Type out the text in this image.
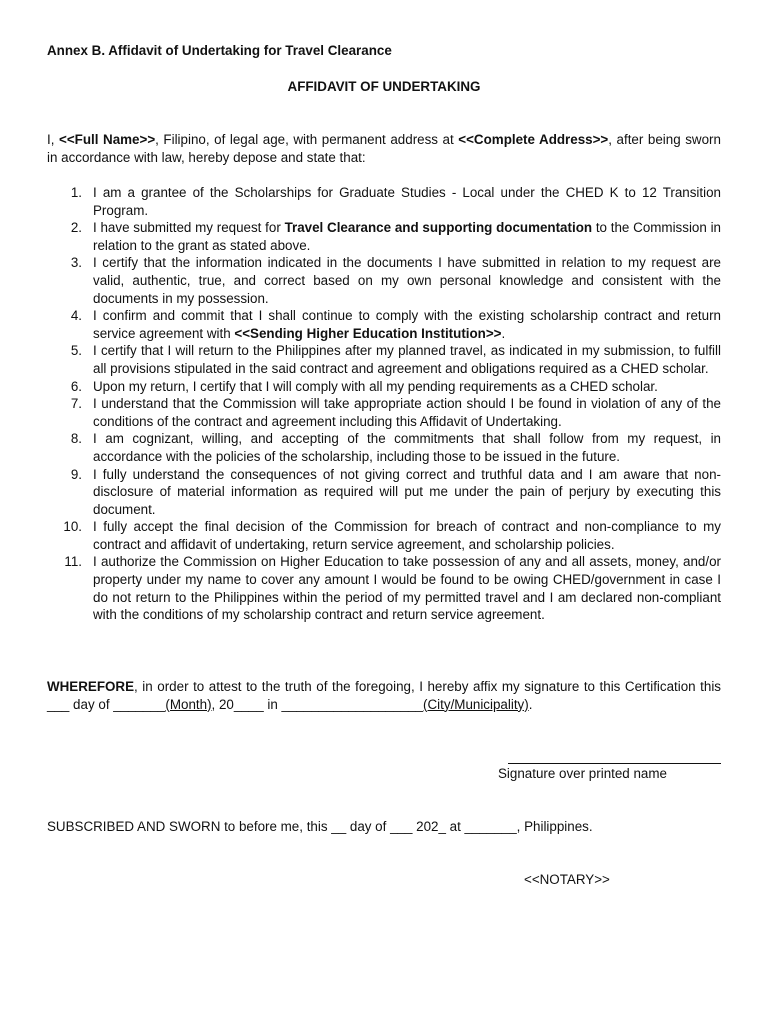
Annex B. Affidavit of Undertaking for Travel Clearance
AFFIDAVIT OF UNDERTAKING

I, <<Full Name>>, Filipino, of legal age, with permanent address at <<Complete Address>>, after being sworn in accordance with law, hereby depose and state that:

1. I am a grantee of the Scholarships for Graduate Studies - Local under the CHED K to 12 Transition Program.
2. I have submitted my request for Travel Clearance and supporting documentation to the Commission in relation to the grant as stated above.
3. I certify that the information indicated in the documents I have submitted in relation to my request are valid, authentic, true, and correct based on my own personal knowledge and consistent with the documents in my possession.
4. I confirm and commit that I shall continue to comply with the existing scholarship contract and return service agreement with <<Sending Higher Education Institution>>.
5. I certify that I will return to the Philippines after my planned travel, as indicated in my submission, to fulfill all provisions stipulated in the said contract and agreement and obligations required as a CHED scholar.
6. Upon my return, I certify that I will comply with all my pending requirements as a CHED scholar.
7. I understand that the Commission will take appropriate action should I be found in violation of any of the conditions of the contract and agreement including this Affidavit of Undertaking.
8. I am cognizant, willing, and accepting of the commitments that shall follow from my request, in accordance with the policies of the scholarship, including those to be issued in the future.
9. I fully understand the consequences of not giving correct and truthful data and I am aware that non-disclosure of material information as required will put me under the pain of perjury by executing this document.
10. I fully accept the final decision of the Commission for breach of contract and non-compliance to my contract and affidavit of undertaking, return service agreement, and scholarship policies.
11. I authorize the Commission on Higher Education to take possession of any and all assets, money, and/or property under my name to cover any amount I would be found to be owing CHED/government in case I do not return to the Philippines within the period of my permitted travel and I am declared non-compliant with the conditions of my scholarship contract and return service agreement.

WHEREFORE, in order to attest to the truth of the foregoing, I hereby affix my signature to this Certification this ___ day of _______(Month), 20____ in ___________________(City/Municipality).

Signature over printed name
SUBSCRIBED AND SWORN to before me, this __ day of ___ 202_ at _______, Philippines.
<<NOTARY>>
